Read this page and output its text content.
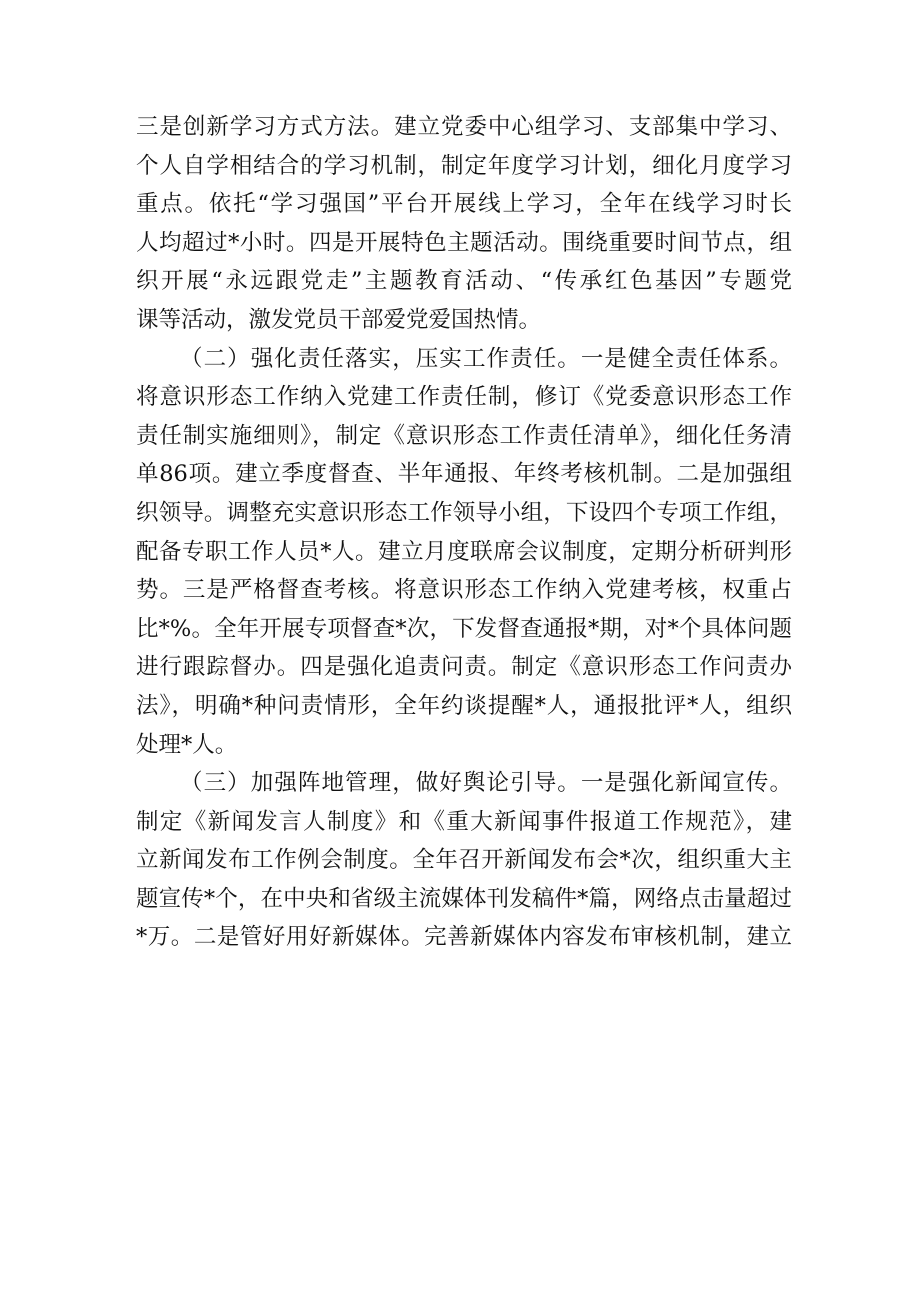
三是创新学习方式方法。建立党委中心组学习、支部集中学习、
个人自学相结合的学习机制，制定年度学习计划，细化月度学习
重点。依托“学习强国”平台开展线上学习，全年在线学习时长
人均超过*小时。四是开展特色主题活动。围绕重要时间节点，组
织开展“永远跟党走”主题教育活动、“传承红色基因”专题党
课等活动，激发党员干部爱党爱国热情。
（二）强化责任落实，压实工作责任。一是健全责任体系。
将意识形态工作纳入党建工作责任制，修订《党委意识形态工作
责任制实施细则》，制定《意识形态工作责任清单》，细化任务清
单86项。建立季度督查、半年通报、年终考核机制。二是加强组
织领导。调整充实意识形态工作领导小组，下设四个专项工作组，
配备专职工作人员*人。建立月度联席会议制度，定期分析研判形
势。三是严格督查考核。将意识形态工作纳入党建考核，权重占
比*%。全年开展专项督查*次，下发督查通报*期，对*个具体问题
进行跟踪督办。四是强化追责问责。制定《意识形态工作问责办
法》，明确*种问责情形，全年约谈提醒*人，通报批评*人，组织
处理*人。
（三）加强阵地管理，做好舆论引导。一是强化新闻宣传。
制定《新闻发言人制度》和《重大新闻事件报道工作规范》，建
立新闻发布工作例会制度。全年召开新闻发布会*次，组织重大主
题宣传*个，在中央和省级主流媒体刊发稿件*篇，网络点击量超过
*万。二是管好用好新媒体。完善新媒体内容发布审核机制，建立
